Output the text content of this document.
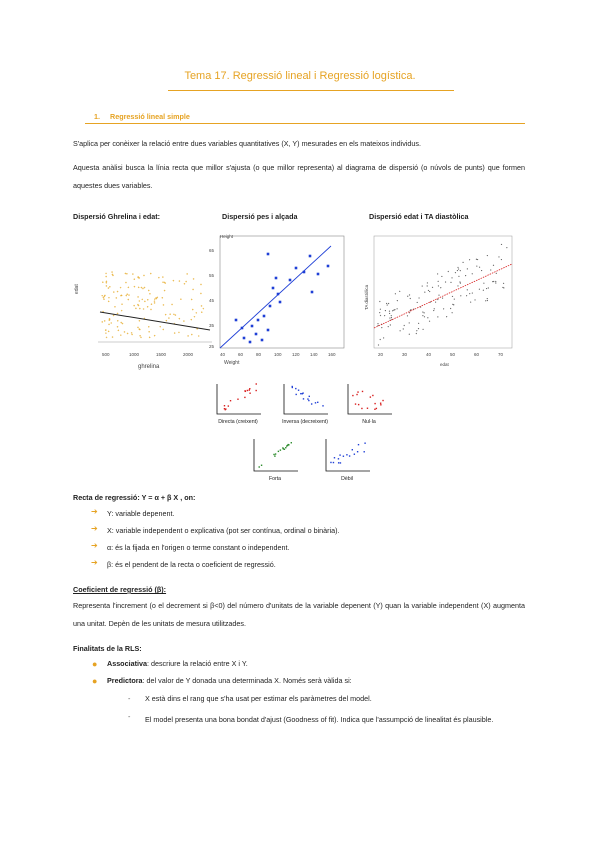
Tema 17. Regressió lineal i Regressió logística.
1. Regressió lineal simple
S'aplica per conèixer la relació entre dues variables quantitatives (X, Y) mesurades en els mateixos individus.
Aquesta anàlisi busca la línia recta que millor s'ajusta (o que millor representa) al diagrama de dispersió (o núvols de punts) que formen aquestes dues variables.
Dispersió Ghrelina i edat:	Dispersió pes i alçada	Dispersió edat i TA diastòlica
500	1000	1500	2000
ghrelina
edat
Height
65
55
45
35
25
40	60	80	100 120 140 160
Weight
20	30	40	50	60	70
edat
TA diastòlica
Directa (creixent)	Inversa (decreixent)	Nul·la
Forta	Dèbil
Recta de regressió: Y = α + β X , on:
➔ Y: variable depenent.
➔ X: variable independent o explicativa (pot ser contínua, ordinal o binària).
➔ α: és la fijada en l'origen o terme constant o independent.
➔ β: és el pendent de la recta o coeficient de regressió.
Coeficient de regressió (β):
Representa l'increment (o el decrement si β<0) del número d'unitats de la variable depenent (Y) quan la variable independent (X) augmenta una unitat. Depèn de les unitats de mesura utilitzades.
Finalitats de la RLS:
● Associativa: descriure la relació entre X i Y.
● Predictora: del valor de Y donada una determinada X. Només serà vàlida si:
- X està dins el rang que s'ha usat per estimar els paràmetres del model.
- El model presenta una bona bondat d'ajust (Goodness of fit). Indica que l'assumpció de linealitat és plausible.
